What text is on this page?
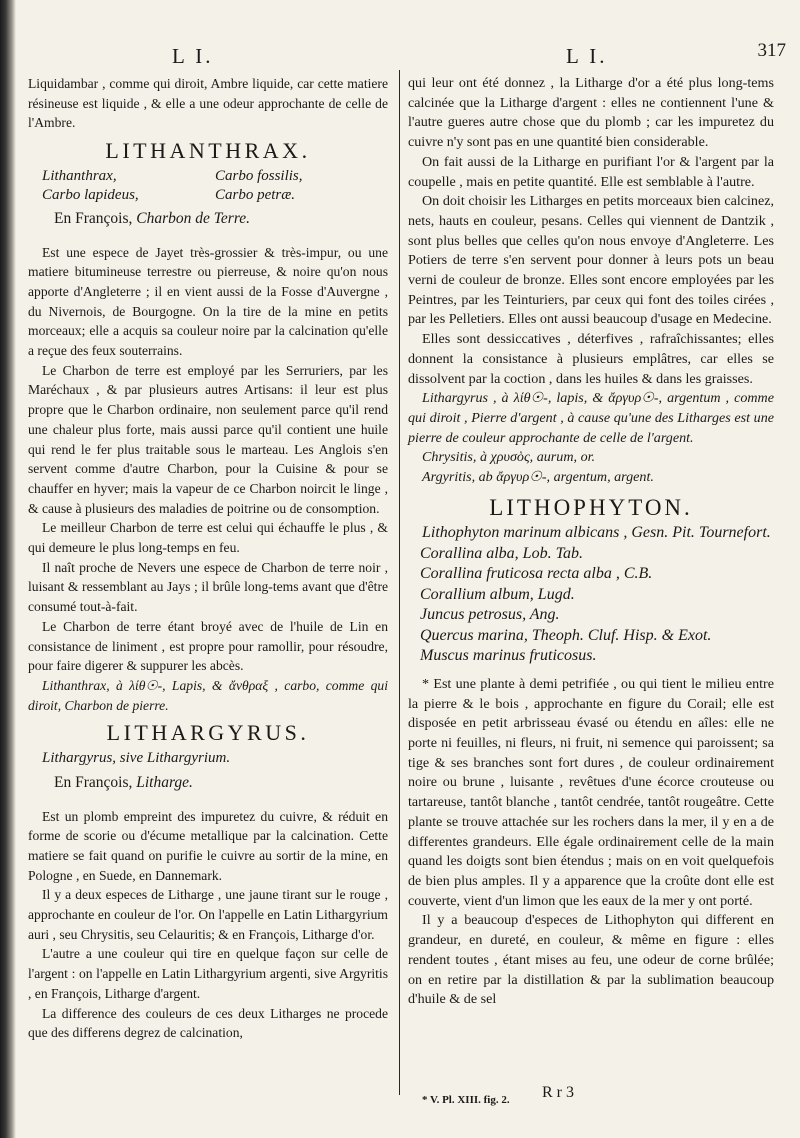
L I.	L I.	317

Liquidambar , comme qui diroit, Ambre liquide, car cette matiere résineuse est liquide , & elle a une odeur approchante de celle de l'Ambre.

LITHANTHRAX.
Lithanthrax,	Carbo fossilis,
Carbo lapideus,	Carbo petræ.
En François, Charbon de Terre.

Est une espece de Jayet très-grossier & très-impur, ou une matiere bitumineuse terrestre ou pierreuse, & noire qu'on nous apporte d'Angleterre ; il en vient aussi de la Fosse d'Auvergne , du Nivernois, de Bourgogne. On la tire de la mine en petits morceaux; elle a acquis sa couleur noire par la calcination qu'elle a reçue des feux souterrains.

Le Charbon de terre est employé par les Serruriers, par les Maréchaux , & par plusieurs autres Artisans: il leur est plus propre que le Charbon ordinaire, non seulement parce qu'il rend une chaleur plus forte, mais aussi parce qu'il contient une huile qui rend le fer plus traitable sous le marteau. Les Anglois s'en servent comme d'autre Charbon, pour la Cuisine & pour se chauffer en hyver; mais la vapeur de ce Charbon noircit le linge , & cause à plusieurs des maladies de poitrine ou de consomption.

Le meilleur Charbon de terre est celui qui échauffe le plus , & qui demeure le plus long-temps en feu.

Il naît proche de Nevers une espece de Charbon de terre noir , luisant & ressemblant au Jays ; il brûle long-tems avant que d'être consumé tout-à-fait.

Le Charbon de terre étant broyé avec de l'huile de Lin en consistance de liniment , est propre pour ramollir, pour résoudre, pour faire digerer & suppurer les abcès.

Lithanthrax, à λίθ☉-, Lapis, & ἄνθραξ , carbo, comme qui diroit, Charbon de pierre.

LITHARGYRUS.

Lithargyrus, sive Lithargyrium.

En François, Litharge.

Est un plomb empreint des impuretez du cuivre, & réduit en forme de scorie ou d'écume metallique par la calcination. Cette matiere se fait quand on purifie le cuivre au sortir de la mine, en Pologne , en Suede, en Dannemark.

Il y a deux especes de Litharge , une jaune tirant sur le rouge , approchante en couleur de l'or. On l'appelle en Latin Lithargyrium auri , seu Chrysitis, seu Celauritis; & en François, Litharge d'or.

L'autre a une couleur qui tire en quelque façon sur celle de l'argent : on l'appelle en Latin Lithargyrium argenti, sive Argyritis , en François, Litharge d'argent.

La difference des couleurs de ces deux Litharges ne procede que des differens degrez de calcination,

qui leur ont été donnez , la Litharge d'or a été plus long-tems calcinée que la Litharge d'argent : elles ne contiennent l'une & l'autre gueres autre chose que du plomb ; car les impuretez du cuivre n'y sont pas en une quantité bien considerable.

On fait aussi de la Litharge en purifiant l'or & l'argent par la coupelle , mais en petite quantité. Elle est semblable à l'autre.

On doit choisir les Litharges en petits morceaux bien calcinez, nets, hauts en couleur, pesans. Celles qui viennent de Dantzik , sont plus belles que celles qu'on nous envoye d'Angleterre. Les Potiers de terre s'en servent pour donner à leurs pots un beau verni de couleur de bronze. Elles sont encore employées par les Peintres, par les Teinturiers, par ceux qui font des toiles cirées , par les Pelletiers. Elles ont aussi beaucoup d'usage en Medecine.

Elles sont dessiccatives , déterfives , rafraîchissantes; elles donnent la consistance à plusieurs emplâtres, car elles se dissolvent par la coction , dans les huiles & dans les graisses.

Lithargyrus , à λίθ☉-, lapis, & ἄργυρ☉-, argentum , comme qui diroit , Pierre d'argent , à cause qu'une des Litharges est une pierre de couleur approchante de celle de l'argent.

Chrysitis, à χρυσὸς, aurum, or.

Argyritis, ab ἄργυρ☉-, argentum, argent.

LITHOPHYTON.

Lithophyton marinum albicans , Gesn. Pit. Tournefort.

Corallina alba, Lob. Tab.
Corallina fruticosa recta alba , C.B.
Corallium album, Lugd.
Juncus petrosus, Ang.
Quercus marina, Theoph. Cluf. Hisp. & Exot.
Muscus marinus fruticosus.

* Est une plante à demi petrifiée , ou qui tient le milieu entre la pierre & le bois , approchante en figure du Corail; elle est disposée en petit arbrisseau évasé ou étendu en aîles: elle ne porte ni feuilles, ni fleurs, ni fruit, ni semence qui paroissent; sa tige & ses branches sont fort dures , de couleur ordinairement noire ou brune , luisante , revêtues d'une écorce crouteuse ou tartareuse, tantôt blanche , tantôt cendrée, tantôt rougeâtre. Cette plante se trouve attachée sur les rochers dans la mer, il y en a de differentes grandeurs. Elle égale ordinairement celle de la main quand les doigts sont bien étendus ; mais on en voit quelquefois de bien plus amples. Il y a apparence que la croûte dont elle est couverte, vient d'un limon que les eaux de la mer y ont porté.

Il y a beaucoup d'especes de Lithophyton qui different en grandeur, en dureté, en couleur, & même en figure : elles rendent toutes , étant mises au feu, une odeur de corne brûlée; on en retire par la distillation & par la sublimation beaucoup d'huile & de sel

R r 3
* V. Pl. XIII. fig. 2.
